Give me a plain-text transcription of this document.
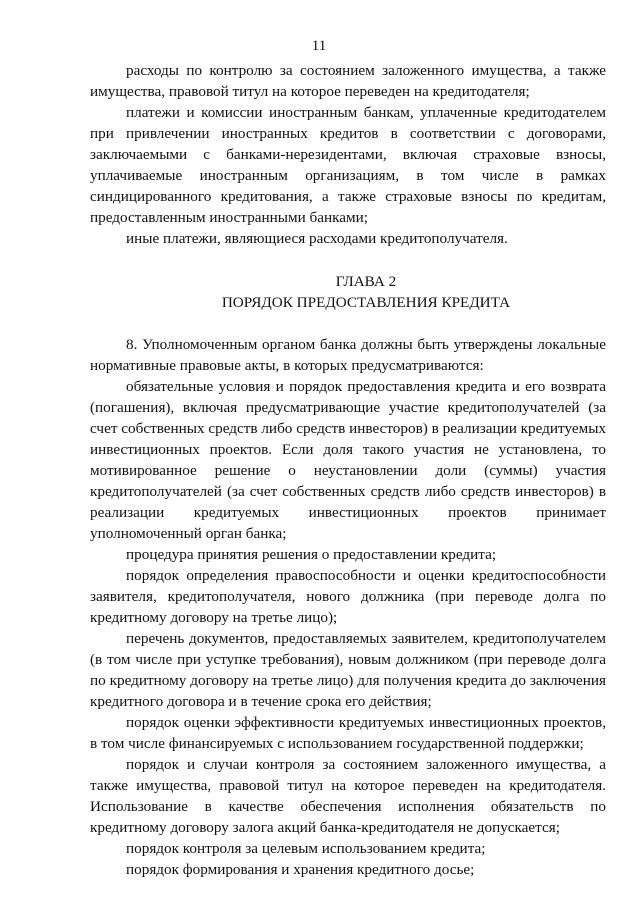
11

расходы по контролю за состоянием заложенного имущества, а также имущества, правовой титул на которое переведен на кредитодателя;

платежи и комиссии иностранным банкам, уплаченные кредитодателем при привлечении иностранных кредитов в соответствии с договорами, заключаемыми с банками-нерезидентами, включая страховые взносы, уплачиваемые иностранным организациям, в том числе в рамках синдицированного кредитования, а также страховые взносы по кредитам, предоставленным иностранными банками;

иные платежи, являющиеся расходами кредитополучателя.

ГЛАВА 2

ПОРЯДОК ПРЕДОСТАВЛЕНИЯ КРЕДИТА

8. Уполномоченным органом банка должны быть утверждены локальные нормативные правовые акты, в которых предусматриваются:

обязательные условия и порядок предоставления кредита и его возврата (погашения), включая предусматривающие участие кредитополучателей (за счет собственных средств либо средств инвесторов) в реализации кредитуемых инвестиционных проектов. Если доля такого участия не установлена, то мотивированное решение о неустановлении доли (суммы) участия кредитополучателей (за счет собственных средств либо средств инвесторов) в реализации кредитуемых инвестиционных проектов принимает уполномоченный орган банка;

процедура принятия решения о предоставлении кредита;

порядок определения правоспособности и оценки кредитоспособности заявителя, кредитополучателя, нового должника (при переводе долга по кредитному договору на третье лицо);

перечень документов, предоставляемых заявителем, кредитополучателем (в том числе при уступке требования), новым должником (при переводе долга по кредитному договору на третье лицо) для получения кредита до заключения кредитного договора и в течение срока его действия;

порядок оценки эффективности кредитуемых инвестиционных проектов, в том числе финансируемых с использованием государственной поддержки;

порядок и случаи контроля за состоянием заложенного имущества, а также имущества, правовой титул на которое переведен на кредитодателя. Использование в качестве обеспечения исполнения обязательств по кредитному договору залога акций банка-кредитодателя не допускается;

порядок контроля за целевым использованием кредита;

порядок формирования и хранения кредитного досье;
